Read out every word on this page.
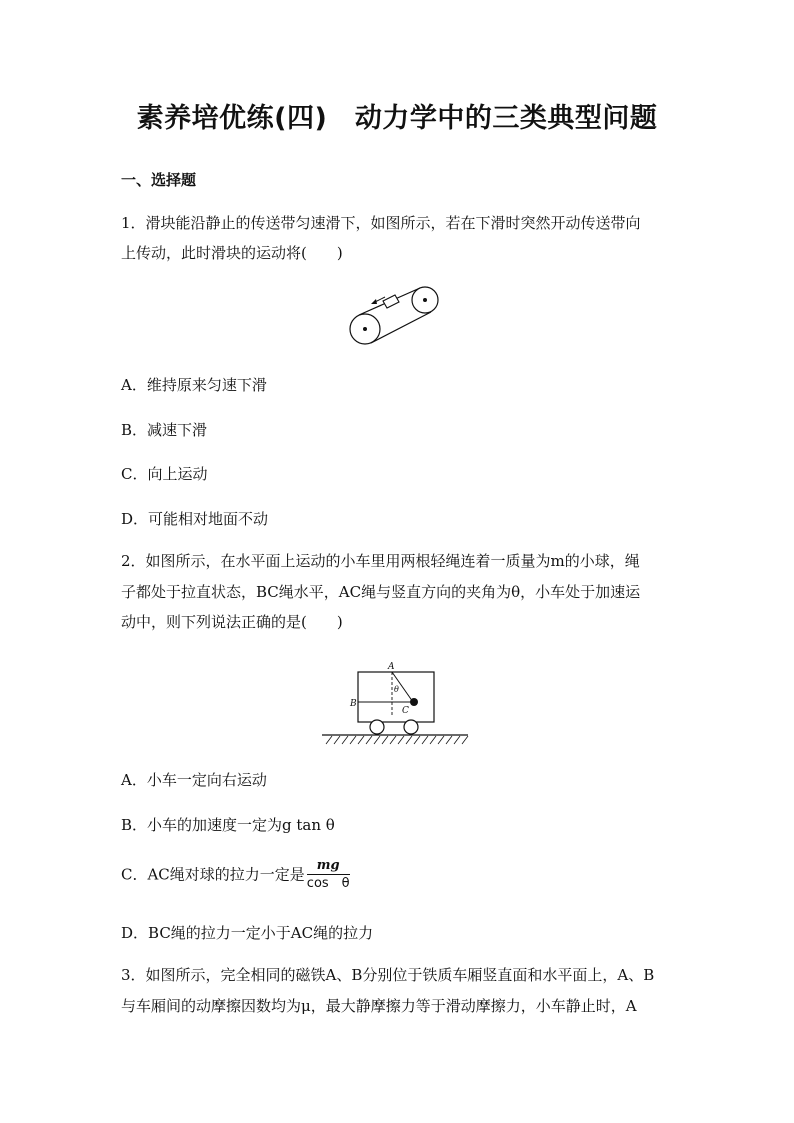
素养培优练(四)　动力学中的三类典型问题
一、选择题
1．滑块能沿静止的传送带匀速滑下，如图所示，若在下滑时突然开动传送带向
上传动，此时滑块的运动将(　　)
A．维持原来匀速下滑
B．减速下滑
C．向上运动
D．可能相对地面不动
2．如图所示，在水平面上运动的小车里用两根轻绳连着一质量为m的小球，绳
子都处于拉直状态，BC绳水平，AC绳与竖直方向的夹角为θ，小车处于加速运
动中，则下列说法正确的是(　　)
A
B
C
θ
A．小车一定向右运动
B．小车的加速度一定为g tan θ
C．AC绳对球的拉力一定是 $\frac{mg}{\text{cos　θ}}$
D．BC绳的拉力一定小于AC绳的拉力
3．如图所示，完全相同的磁铁A、B分别位于铁质车厢竖直面和水平面上，A、B
与车厢间的动摩擦因数均为μ，最大静摩擦力等于滑动摩擦力，小车静止时，A
